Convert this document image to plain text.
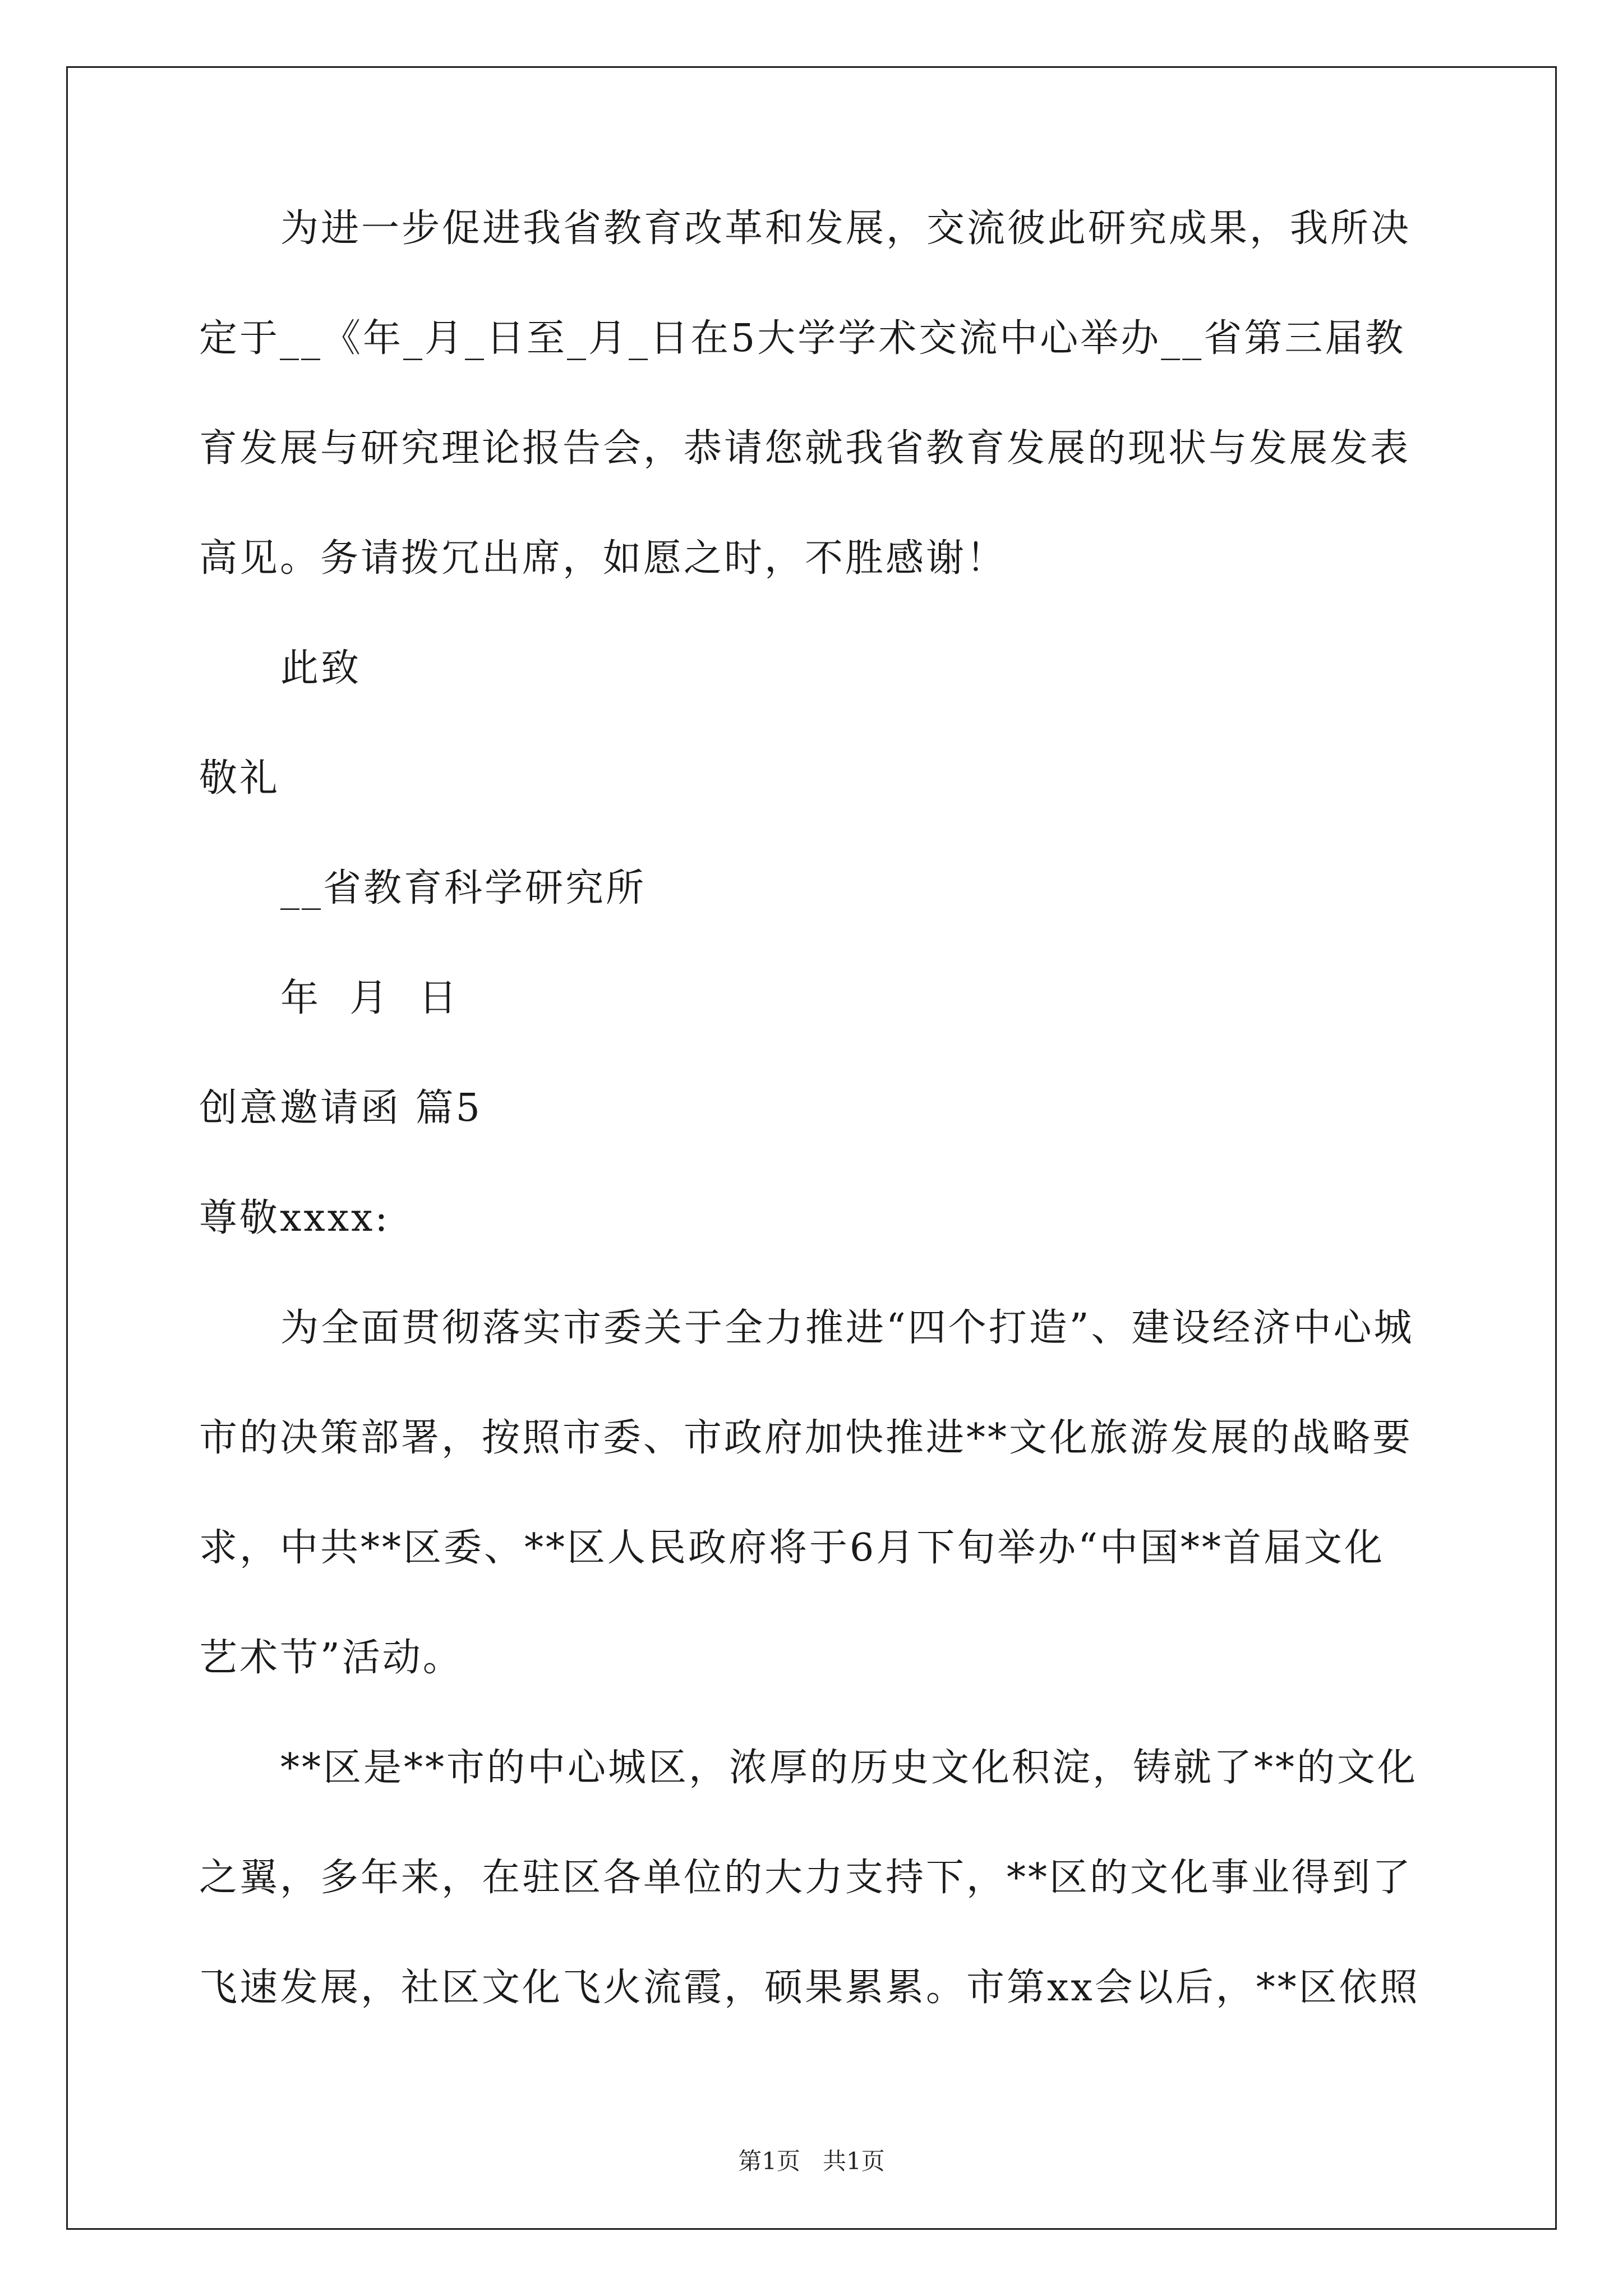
为进一步促进我省教育改革和发展，交流彼此研究成果，我所决
定于__《年_月_日至_月_日在5大学学术交流中心举办__省第三届教
育发展与研究理论报告会，恭请您就我省教育发展的现状与发展发表
高见。务请拨冗出席，如愿之时，不胜感谢！
此致
敬礼
__省教育科学研究所
年  月  日
创意邀请函 篇5
尊敬xxxx:
为全面贯彻落实市委关于全力推进“四个打造”、建设经济中心城
市的决策部署，按照市委、市政府加快推进**文化旅游发展的战略要
求，中共**区委、**区人民政府将于6月下旬举办“中国**首届文化
艺术节”活动。
**区是**市的中心城区，浓厚的历史文化积淀，铸就了**的文化
之翼，多年来，在驻区各单位的大力支持下，**区的文化事业得到了
飞速发展，社区文化飞火流霞，硕果累累。市第xx会以后，**区依照
第1页   共1页
